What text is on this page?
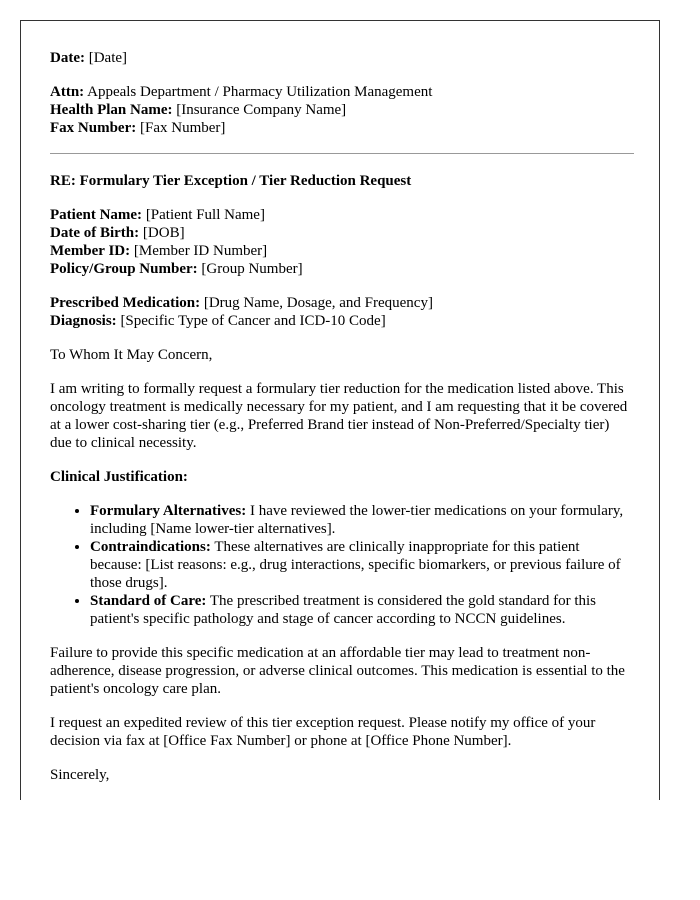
Date: [Date]
Attn: Appeals Department / Pharmacy Utilization Management
Health Plan Name: [Insurance Company Name]
Fax Number: [Fax Number]

RE: Formulary Tier Exception / Tier Reduction Request

Patient Name: [Patient Full Name]
Date of Birth: [DOB]
Member ID: [Member ID Number]
Policy/Group Number: [Group Number]
Prescribed Medication: [Drug Name, Dosage, and Frequency]
Diagnosis: [Specific Type of Cancer and ICD-10 Code]

To Whom It May Concern,

I am writing to formally request a formulary tier reduction for the medication listed above. This oncology treatment is medically necessary for my patient, and I am requesting that it be covered at a lower cost-sharing tier (e.g., Preferred Brand tier instead of Non-Preferred/Specialty tier) due to clinical necessity.

Clinical Justification:

• Formulary Alternatives: I have reviewed the lower-tier medications on your formulary, including [Name lower-tier alternatives].
• Contraindications: These alternatives are clinically inappropriate for this patient because: [List reasons: e.g., drug interactions, specific biomarkers, or previous failure of those drugs].
• Standard of Care: The prescribed treatment is considered the gold standard for this patient's specific pathology and stage of cancer according to NCCN guidelines.

Failure to provide this specific medication at an affordable tier may lead to treatment non-adherence, disease progression, or adverse clinical outcomes. This medication is essential to the patient's oncology care plan.

I request an expedited review of this tier exception request. Please notify my office of your decision via fax at [Office Fax Number] or phone at [Office Phone Number].

Sincerely,
